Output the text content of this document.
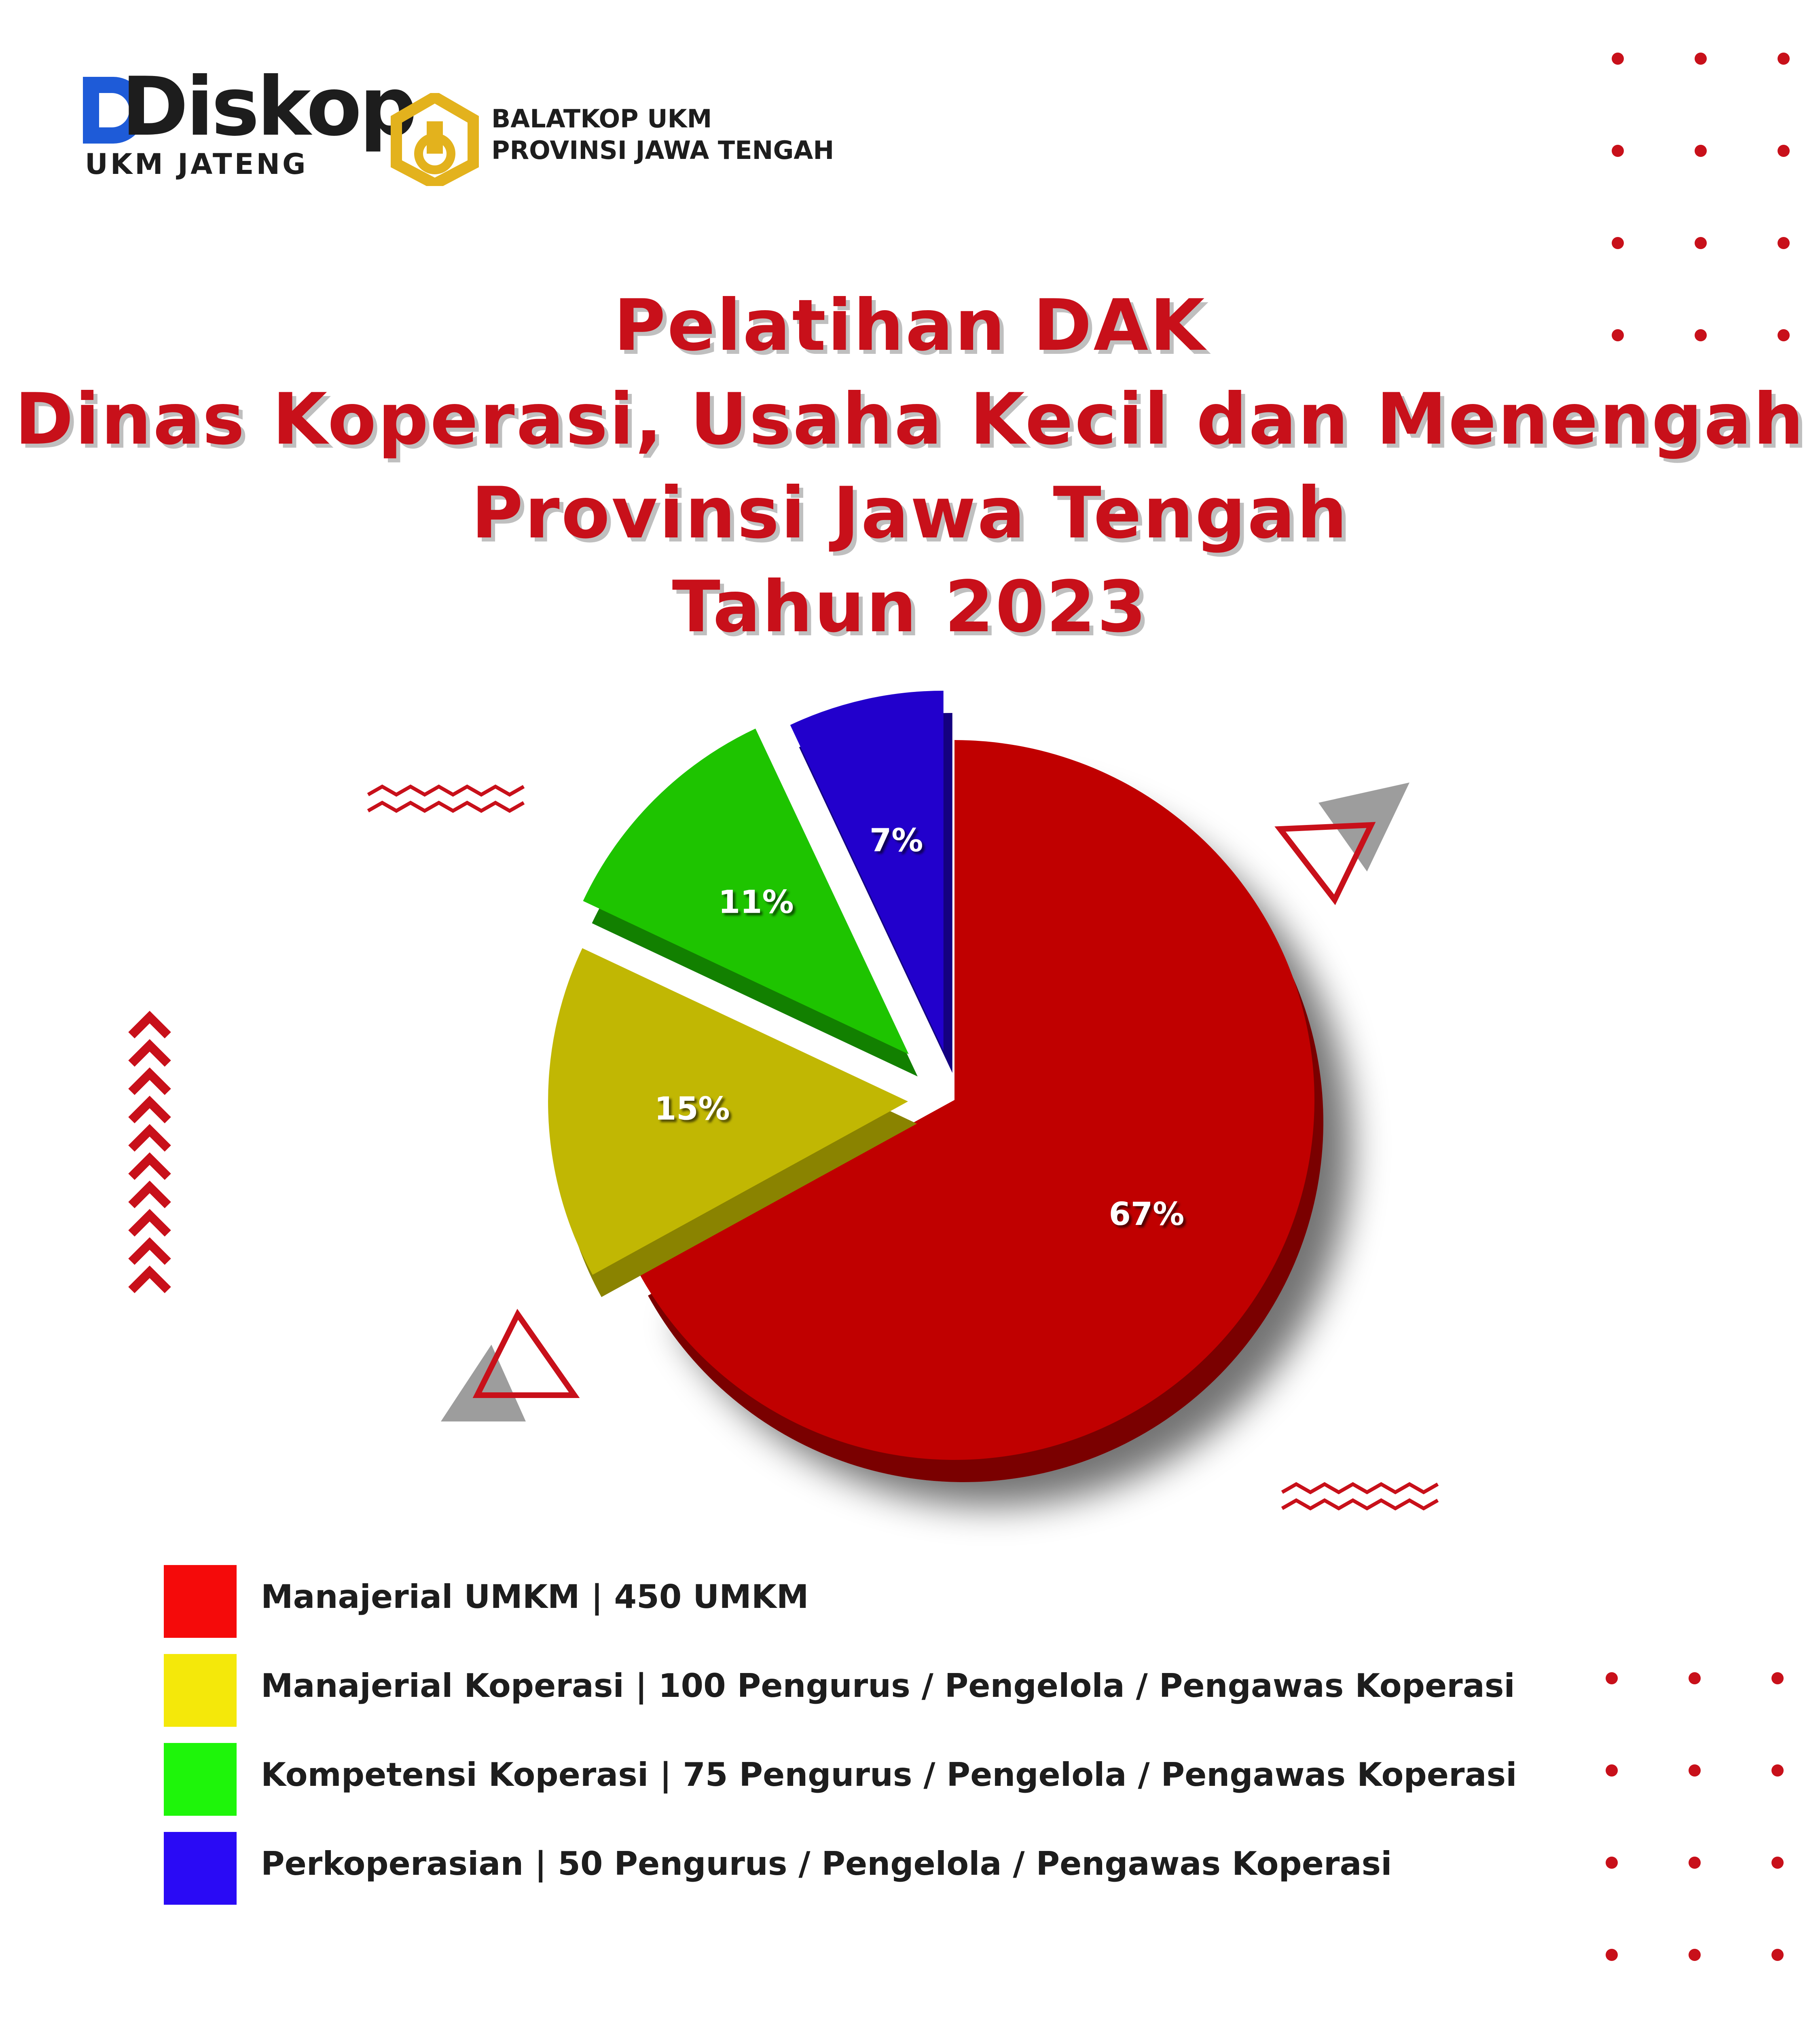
Diskop
UKM JATENG
BALATKOP UKM
PROVINSI JAWA TENGAH
Pelatihan DAK
Dinas Koperasi, Usaha Kecil dan Menengah
Provinsi Jawa Tengah
Tahun 2023
67%
15%
11%
7%
Manajerial UMKM | 450 UMKM
Manajerial Koperasi | 100 Pengurus / Pengelola / Pengawas Koperasi
Kompetensi Koperasi | 75 Pengurus / Pengelola / Pengawas Koperasi
Perkoperasian | 50 Pengurus / Pengelola / Pengawas Koperasi
